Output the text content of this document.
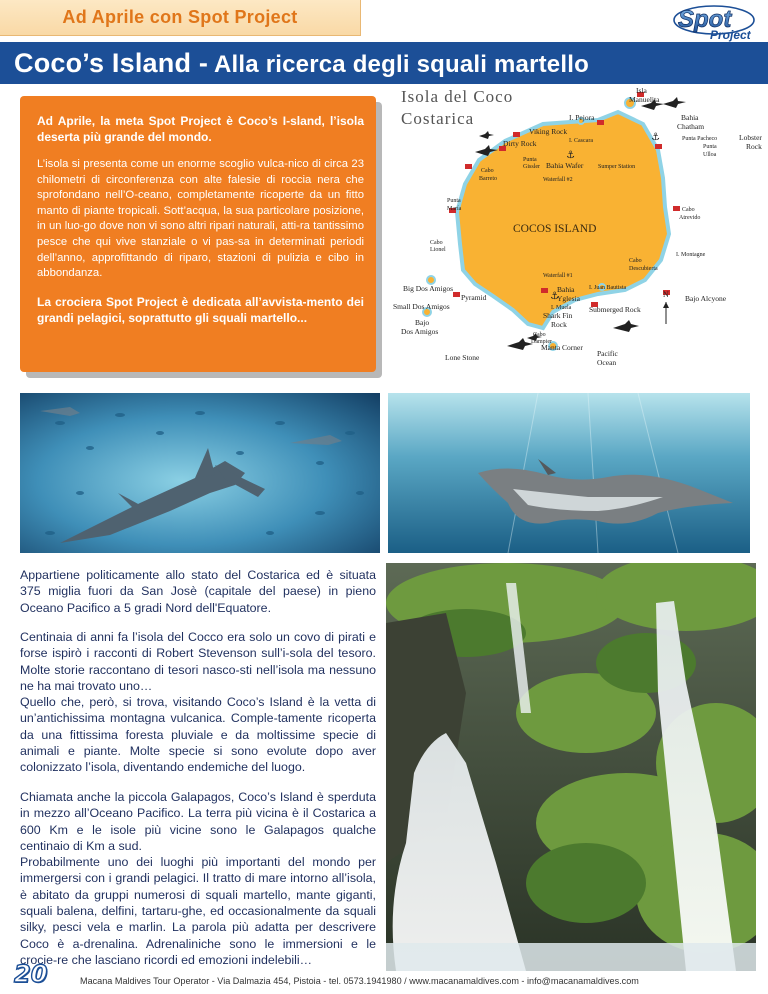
Ad Aprile con Spot Project	Spot
Project
Coco’s Island - Alla ricerca degli squali martello

Ad Aprile, la meta Spot Project è Coco’s I-sland, l’isola deserta più grande del mondo.

L’isola si presenta come un enorme scoglio vulca-nico di circa 23 chilometri di circonferenza con alte falesie di roccia nera che sprofondano nell’O-ceano, completamente ricoperte da un fitto manto di piante tropicali. Sott’acqua, la sua particolare posizione, in un luo-go dove non vi sono altri ripari naturali, atti-ra tantissimo pesce che qui vive stanziale o vi pas-sa in determinati periodi dell’anno, approfittando di riparo, stazioni di pulizia e cibo in abbondanza.

La crociera Spot Project è dedicata all’avvista-mento dei grandi pelagici, soprattutto gli squali martello...

Isola del Coco
Costarica
COCOS ISLAND
⚓
⚓
⚓
Isla
Manuelita
I. Pejora	Bahia
Chatham
Punta Pacheco	Lobster
Rock
Punta
Ulloa
Viking Rock
I. Cascara
Dirty Rock
Punta
Gissler Bahia Wafer Sumper Station
Waterfall #2
Cabo
Barreto
Punta
María	Cabo
Atrevido
Cabo
Lionel
I. Montagne
Cabo
Descubierta
Waterfall #1
Big Dos Amigos
Pyramid
Small Dos Amigos
Bahia
Yglesia
I. Juan Bautista
I. Muela
N Bajo Alcyone
Bajo
Dos Amigos
Shark Fin
Rock
Submerged Rock
Cabo
Dampier
Manta Corner
Lone Stone	Pacific
Ocean

Appartiene politicamente allo stato del Costarica ed è situata 375 miglia fuori da San Josè (capitale del paese) in pieno Oceano Pacifico a 5 gradi Nord dell'Equatore.

Centinaia di anni fa l’isola del Cocco era solo un covo di pirati e forse ispirò i racconti di Robert Stevenson sull’i-sola del tesoro. Molte storie raccontano di tesori nasco-sti nell’isola ma nessuno ne ha mai trovato uno…

Quello che, però, si trova, visitando Coco’s Island è la vetta di un’antichissima montagna vulcanica. Comple-tamente ricoperta da una fittissima foresta pluviale e da moltissime specie di animali e piante. Molte specie si sono evolute dopo aver colonizzato l’isola, diventando endemiche del luogo.

Chiamata anche la piccola Galapagos, Coco’s Island è sperduta in mezzo all’Oceano Pacifico. La terra più vicina è il Costarica a 600 Km e le isole più vicine sono le Galapagos qualche centinaio di Km a sud.

Probabilmente uno dei luoghi più importanti del mondo per immergersi con i grandi pelagici. Il tratto di mare intorno all’isola, è abitato da gruppi numerosi di squali martello, mante giganti, squali balena, delfini, tartaru-ghe, ed occasionalmente da squali silky, pesci vela e marlin. La parola più adatta per descrivere Coco è a-drenalina. Adrenaliniche sono le immersioni e le crocie-re che lasciano ricordi ed emozioni indelebili…

20	Macana Maldives Tour Operator - Via Dalmazia 454, Pistoia - tel. 0573.1941980 / www.macanamaldives.com - info@macanamaldives.com
